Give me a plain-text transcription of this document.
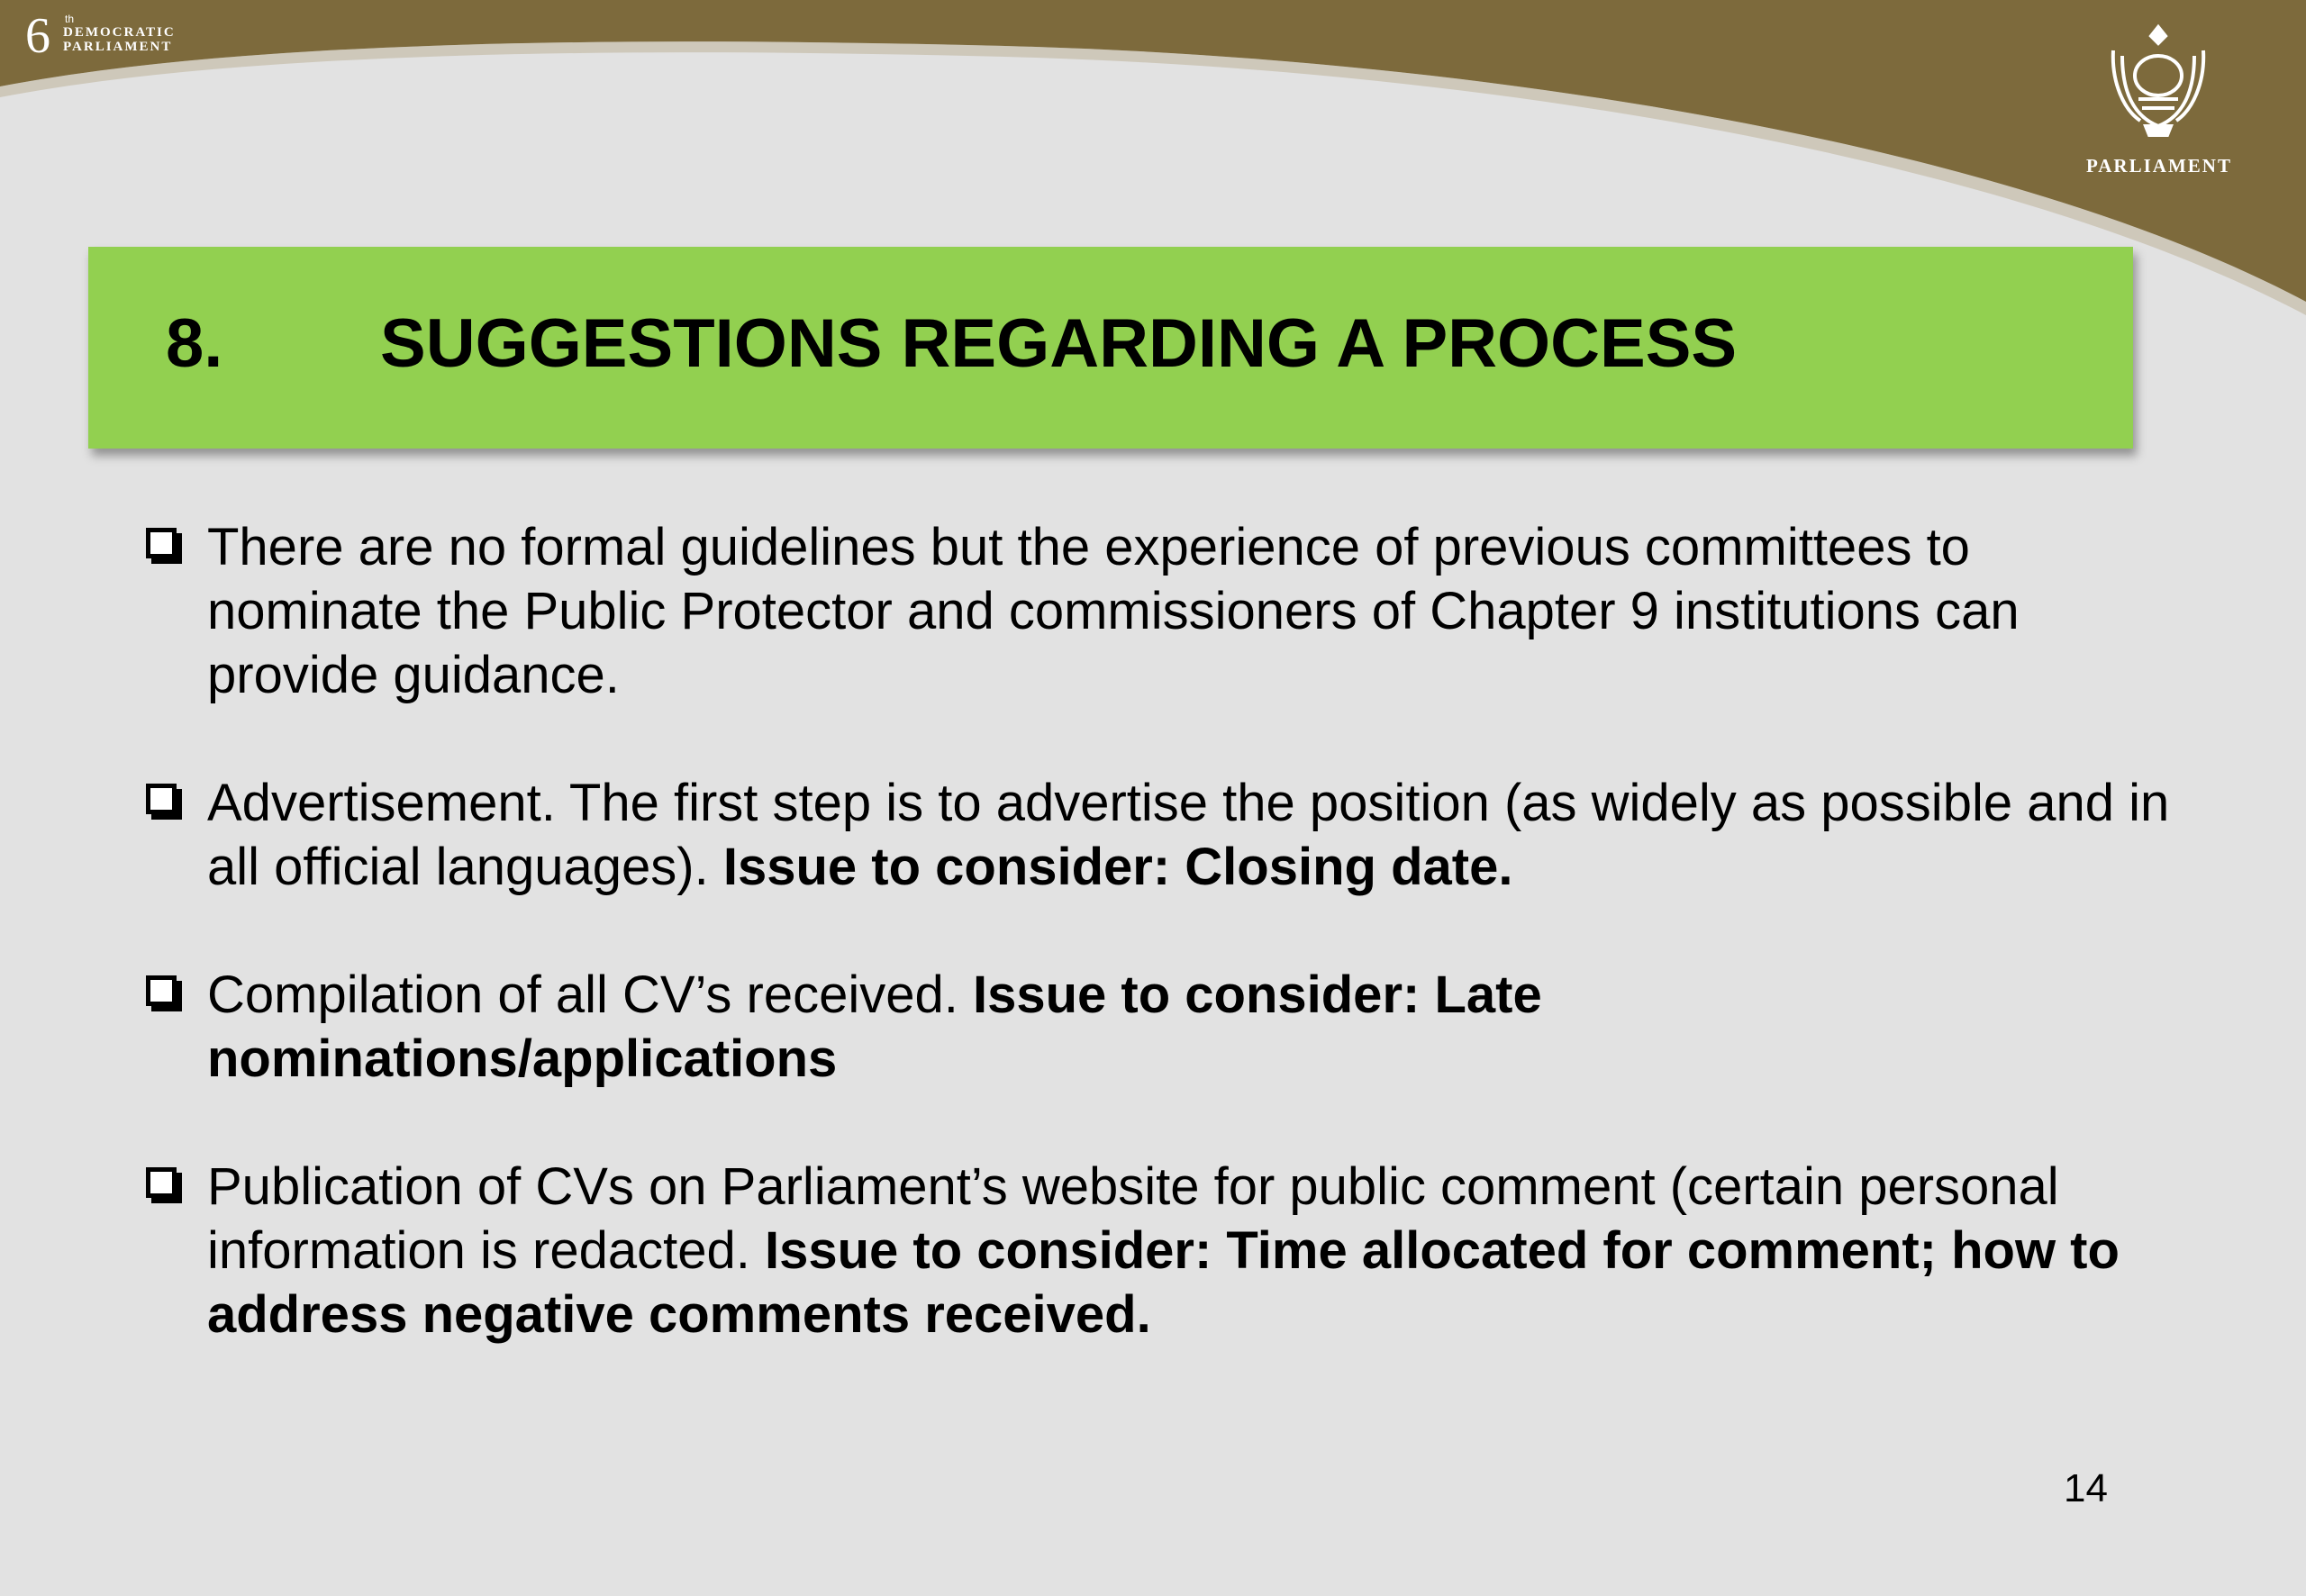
6 th
DEMOCRATIC
PARLIAMENT
PARLIAMENT
8. SUGGESTIONS REGARDING A PROCESS
There are no formal guidelines but the experience of previous committees to nominate the Public Protector and commissioners of Chapter 9 institutions can provide guidance.
Advertisement. The first step is to advertise the position (as widely as possible and in all official languages). Issue to consider: Closing date.
Compilation of all CV’s received. Issue to consider: Late nominations/applications
Publication of CVs on Parliament’s website for public comment (certain personal information is redacted. Issue to consider: Time allocated for comment; how to address negative comments received.
14
